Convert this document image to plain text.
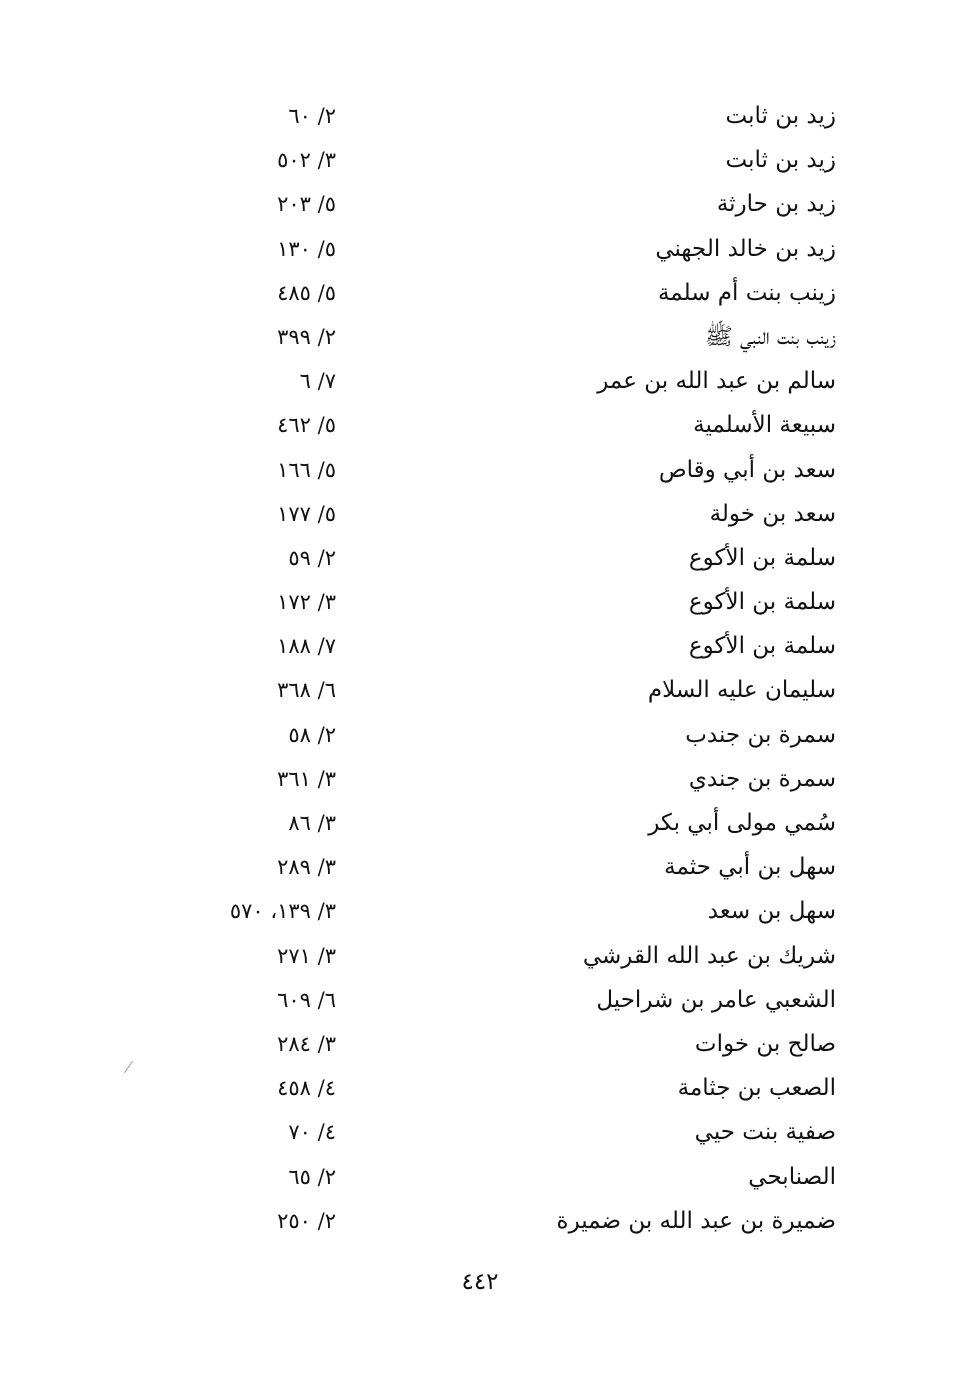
زيد بن ثابت
٢/ ٦٠
زيد بن ثابت
٣/ ٥٠٢
زيد بن حارثة
٥/ ٢٠٣
زيد بن خالد الجهني
٥/ ١٣٠
زينب بنت أم سلمة
٥/ ٤٨٥
زينب بنت النبي ﷺ
٢/ ٣٩٩
سالم بن عبد الله بن عمر
٧/ ٦
سبيعة الأسلمية
٥/ ٤٦٢
سعد بن أبي وقاص
٥/ ١٦٦
سعد بن خولة
٥/ ١٧٧
سلمة بن الأكوع
٢/ ٥٩
سلمة بن الأكوع
٣/ ١٧٢
سلمة بن الأكوع
٧/ ١٨٨
سليمان عليه السلام
٦/ ٣٦٨
سمرة بن جندب
٢/ ٥٨
سمرة بن جندي
٣/ ٣٦١
سُمي مولى أبي بكر
٣/ ٨٦
سهل بن أبي حثمة
٣/ ٢٨٩
سهل بن سعد
٣/ ١٣٩، ٥٧٠
شريك بن عبد الله القرشي
٣/ ٢٧١
الشعبي عامر بن شراحيل
٦/ ٦٠٩
صالح بن خوات
٣/ ٢٨٤
الصعب بن جثامة
٤/ ٤٥٨
صفية بنت حيي
٤/ ٧٠
الصنابحي
٢/ ٦٥
ضميرة بن عبد الله بن ضميرة
٢/ ٢٥٠
٤٤٢
